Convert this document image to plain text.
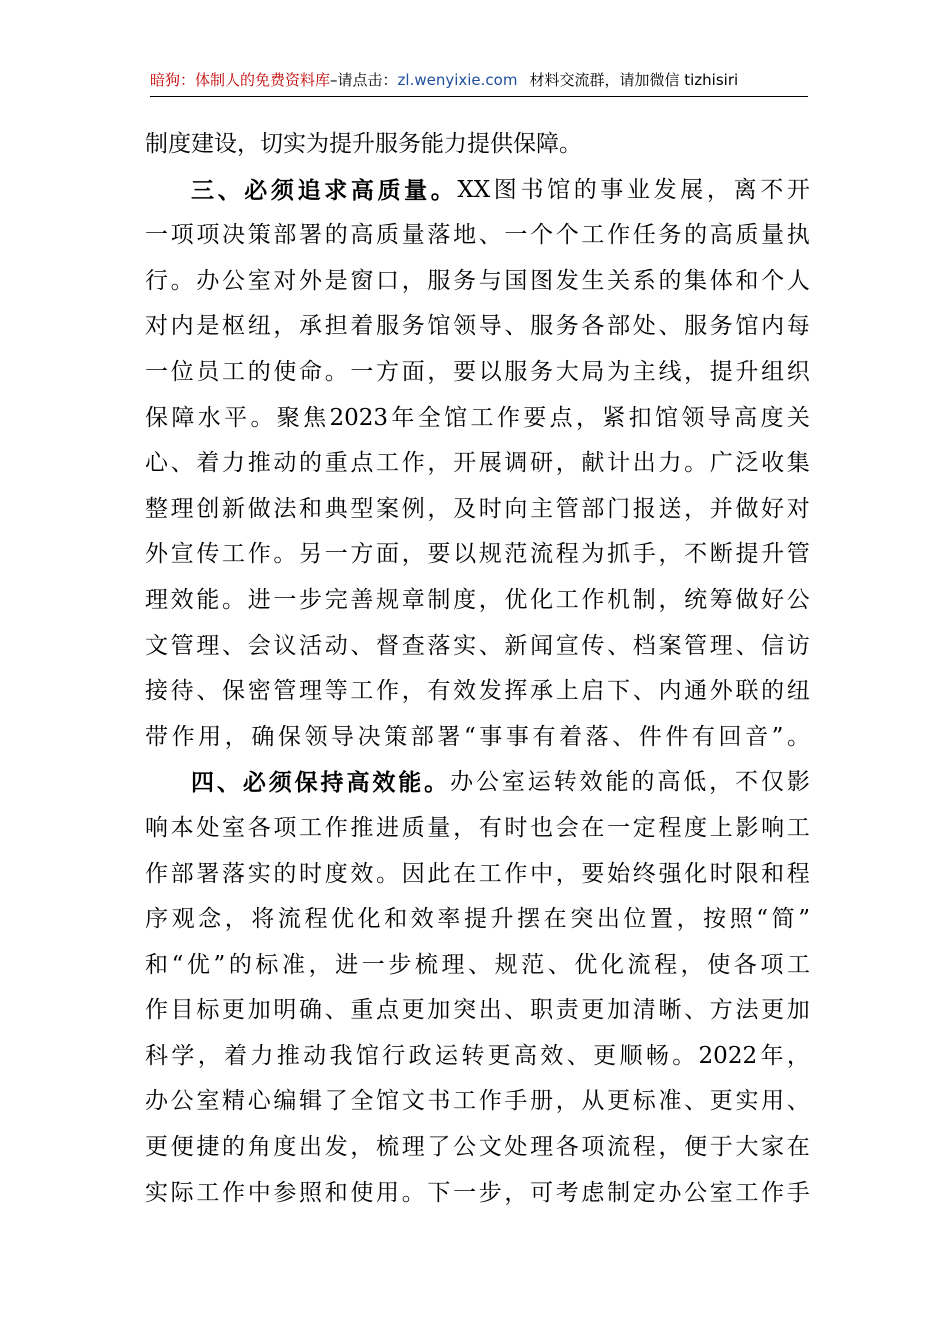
暗狗：体制人的免费资料库–请点击：zl.wenyixie.com 材料交流群，请加微信 tizhisiri
制 度 建 设 ， 切 实 为 提 升 服 务 能 力 提 供 保 障 。
三 、 必 须 追 求 高 质 量 。 XX 图 书 馆 的 事 业 发 展 ， 离 不 开
一 项 项 决 策 部 署 的 高 质 量 落 地 、 一 个 个 工 作 任 务 的 高 质 量 执
行 。 办 公 室 对 外 是 窗 口 ， 服 务 与 国 图 发 生 关 系 的 集 体 和 个 人
对 内 是 枢 纽 ， 承 担 着 服 务 馆 领 导 、 服 务 各 部 处 、 服 务 馆 内 每
一 位 员 工 的 使 命 。 一 方 面 ， 要 以 服 务 大 局 为 主 线 ， 提 升 组 织
保 障 水 平 。 聚 焦 2023 年 全 馆 工 作 要 点 ， 紧 扣 馆 领 导 高 度 关
心 、 着 力 推 动 的 重 点 工 作 ， 开 展 调 研 ， 献 计 出 力 。 广 泛 收 集
整 理 创 新 做 法 和 典 型 案 例 ， 及 时 向 主 管 部 门 报 送 ， 并 做 好 对
外 宣 传 工 作 。 另 一 方 面 ， 要 以 规 范 流 程 为 抓 手 ， 不 断 提 升 管
理 效 能 。 进 一 步 完 善 规 章 制 度 ， 优 化 工 作 机 制 ， 统 筹 做 好 公
文 管 理 、 会 议 活 动 、 督 查 落 实 、 新 闻 宣 传 、 档 案 管 理 、 信 访
接 待 、 保 密 管 理 等 工 作 ， 有 效 发 挥 承 上 启 下 、 内 通 外 联 的 纽
带 作 用 ， 确 保 领 导 决 策 部 署 “ 事 事 有 着 落 、 件 件 有 回 音 ” 。
四 、 必 须 保 持 高 效 能 。 办 公 室 运 转 效 能 的 高 低 ， 不 仅 影
响 本 处 室 各 项 工 作 推 进 质 量 ， 有 时 也 会 在 一 定 程 度 上 影 响 工
作 部 署 落 实 的 时 度 效 。 因 此 在 工 作 中 ， 要 始 终 强 化 时 限 和 程
序 观 念 ， 将 流 程 优 化 和 效 率 提 升 摆 在 突 出 位 置 ， 按 照 “ 简 ”
和 “ 优 ” 的 标 准 ， 进 一 步 梳 理 、 规 范 、 优 化 流 程 ， 使 各 项 工
作 目 标 更 加 明 确 、 重 点 更 加 突 出 、 职 责 更 加 清 晰 、 方 法 更 加
科 学 ， 着 力 推 动 我 馆 行 政 运 转 更 高 效 、 更 顺 畅 。 2022 年 ，
办 公 室 精 心 编 辑 了 全 馆 文 书 工 作 手 册 ， 从 更 标 准 、 更 实 用 、
更 便 捷 的 角 度 出 发 ， 梳 理 了 公 文 处 理 各 项 流 程 ， 便 于 大 家 在
实 际 工 作 中 参 照 和 使 用 。 下 一 步 ， 可 考 虑 制 定 办 公 室 工 作 手
